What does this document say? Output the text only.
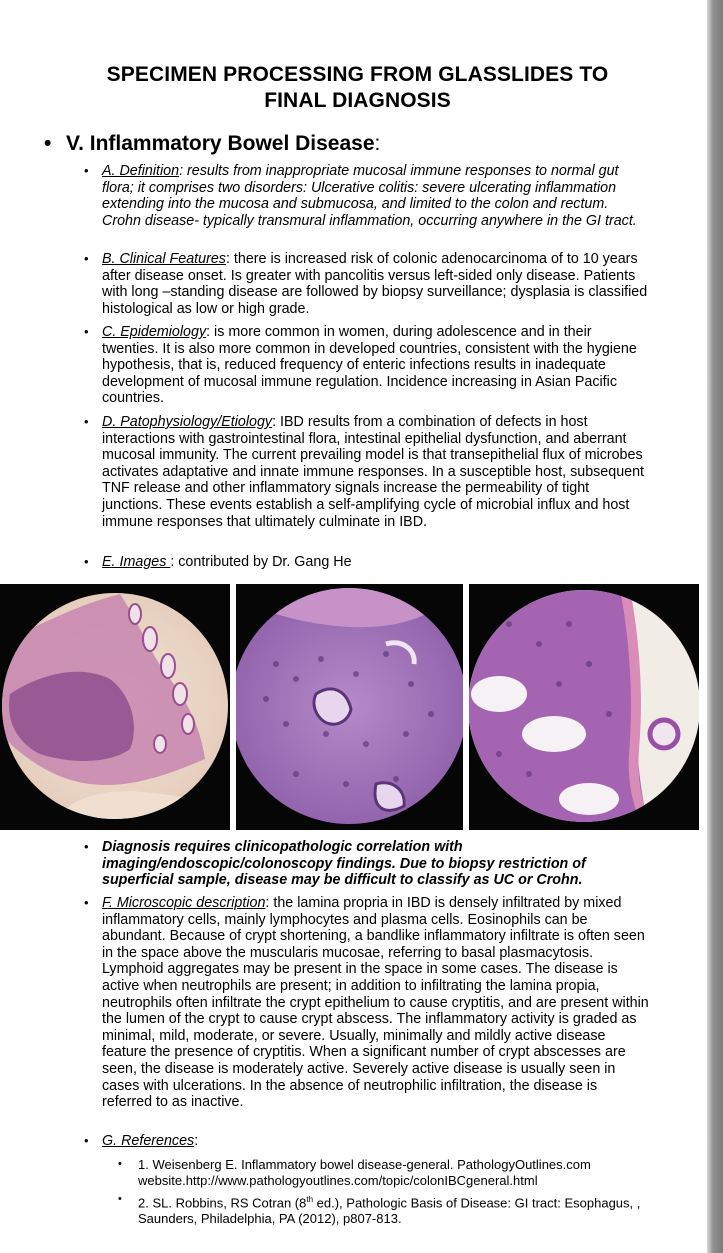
SPECIMEN PROCESSING FROM GLASSLIDES TO
FINAL DIAGNOSIS
• V. Inflammatory Bowel Disease:
• A. Definition: results from inappropriate mucosal immune responses to normal gut flora; it comprises two disorders: Ulcerative colitis: severe ulcerating inflammation extending into the mucosa and submucosa, and limited to the colon and rectum. Crohn disease- typically transmural inflammation, occurring anywhere in the GI tract.
• B. Clinical Features: there is increased risk of colonic adenocarcinoma of to 10 years after disease onset. Is greater with pancolitis versus left-sided only disease. Patients with long –standing disease are followed by biopsy surveillance; dysplasia is classified histological as low or high grade.
• C. Epidemiology: is more common in women, during adolescence and in their twenties. It is also more common in developed countries, consistent with the hygiene hypothesis, that is, reduced frequency of enteric infections results in inadequate development of mucosal immune regulation. Incidence increasing in Asian Pacific countries.
• D. Patophysiology/Etiology: IBD results from a combination of defects in host interactions with gastrointestinal flora, intestinal epithelial dysfunction, and aberrant mucosal immunity. The current prevailing model is that transepithelial flux of microbes activates adaptative and innate immune responses. In a susceptible host, subsequent TNF release and other inflammatory signals increase the permeability of tight junctions. These events establish a self-amplifying cycle of microbial influx and host immune responses that ultimately culminate in IBD.
• E. Images : contributed by Dr. Gang He
• Diagnosis requires clinicopathologic correlation with imaging/endoscopic/colonoscopy findings. Due to biopsy restriction of superficial sample, disease may be difficult to classify as UC or Crohn.
• F. Microscopic description: the lamina propria in IBD is densely infiltrated by mixed inflammatory cells, mainly lymphocytes and plasma cells. Eosinophils can be abundant. Because of crypt shortening, a bandlike inflammatory infiltrate is often seen in the space above the muscularis mucosae, referring to basal plasmacytosis. Lymphoid aggregates may be present in the space in some cases. The disease is active when neutrophils are present; in addition to infiltrating the lamina propia, neutrophils often infiltrate the crypt epithelium to cause cryptitis, and are present within the lumen of the crypt to cause crypt abscess. The inflammatory activity is graded as minimal, mild, moderate, or severe. Usually, minimally and mildly active disease feature the presence of cryptitis. When a significant number of crypt abscesses are seen, the disease is moderately active. Severely active disease is usually seen in cases with ulcerations. In the absence of neutrophilic infiltration, the disease is referred to as inactive.
• G. References:
• 1. Weisenberg E. Inflammatory bowel disease-general. PathologyOutlines.com website.http://www.pathologyoutlines.com/topic/colonIBCgeneral.html
• 2. SL. Robbins, RS Cotran (8th ed.), Pathologic Basis of Disease: GI tract: Esophagus, , Saunders, Philadelphia, PA (2012), p807-813.
